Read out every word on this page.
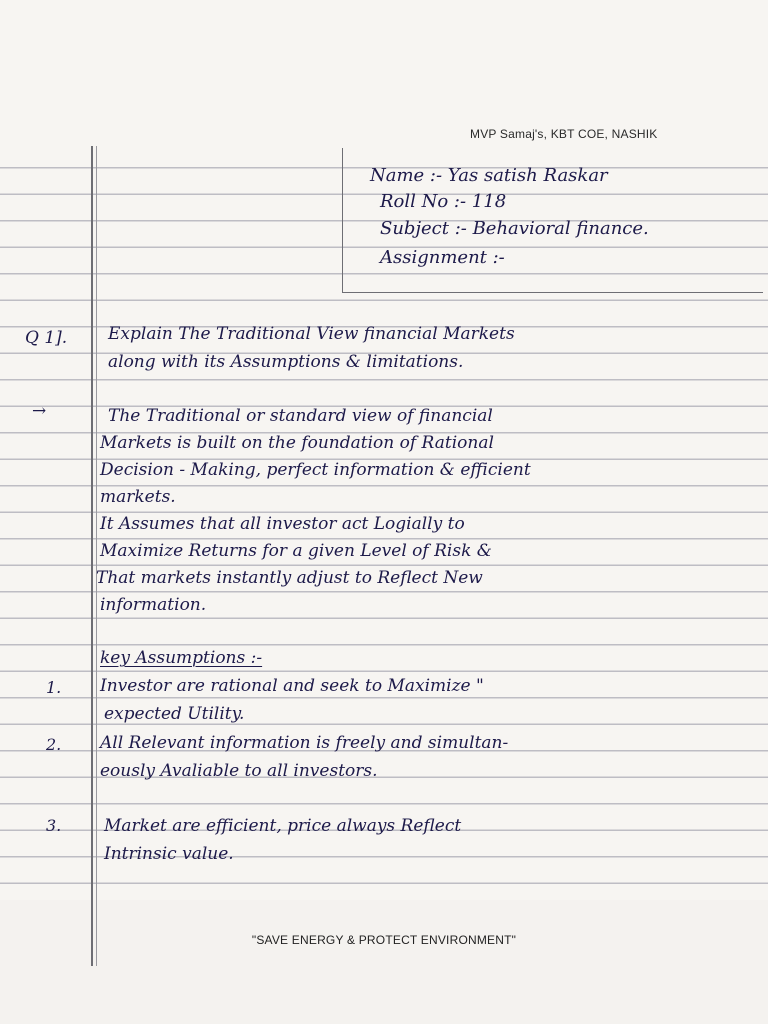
MVP Samaj's, KBT COE, NASHIK
Name :- Yas satish Raskar
Roll No :- 118
Subject :- Behavioral finance.
Assignment :-
Q 1]. Explain The Traditional View financial Markets
along with its Assumptions & limitations.
→	The Traditional or standard view of financial
Markets is built on the foundation of Rational
Decision - Making, perfect information & efficient
markets.
It Assumes that all investor act Logially to
Maximize Returns for a given Level of Risk &
That markets instantly adjust to Reflect New
information.
key Assumptions :-
1. Investor are rational and seek to Maximize "
expected Utility.
2. All Relevant information is freely and simultan-
eously Avaliable to all investors.
3.	Market are efficient, price always Reflect
Intrinsic value.
"SAVE ENERGY & PROTECT ENVIRONMENT"
